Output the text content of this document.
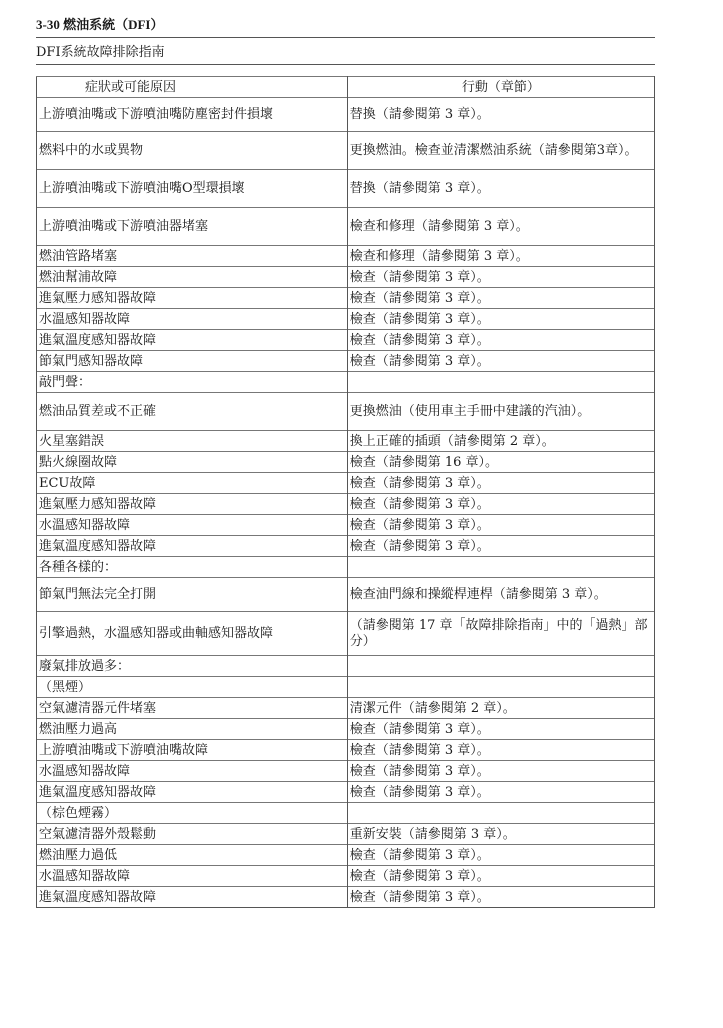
3-30 燃油系統（DFI）
DFI系統故障排除指南
症狀或可能原因	行動（章節）
上游噴油嘴或下游噴油嘴防塵密封件損壞	替換（請參閱第 3 章）。
燃料中的水或異物	更換燃油。檢查並清潔燃油系統（請參閱第3章）。
上游噴油嘴或下游噴油嘴O型環損壞	替換（請參閱第 3 章）。
上游噴油嘴或下游噴油器堵塞	檢查和修理（請參閱第 3 章）。
燃油管路堵塞	檢查和修理（請參閱第 3 章）。
燃油幫浦故障	檢查（請參閱第 3 章）。
進氣壓力感知器故障	檢查（請參閱第 3 章）。
水溫感知器故障	檢查（請參閱第 3 章）。
進氣溫度感知器故障	檢查（請參閱第 3 章）。
節氣門感知器故障	檢查（請參閱第 3 章）。
敲門聲：	
燃油品質差或不正確	更換燃油（使用車主手冊中建議的汽油）。
火星塞錯誤	換上正確的插頭（請參閱第 2 章）。
點火線圈故障	檢查（請參閱第 16 章）。
ECU故障	檢查（請參閱第 3 章）。
進氣壓力感知器故障	檢查（請參閱第 3 章）。
水溫感知器故障	檢查（請參閱第 3 章）。
進氣溫度感知器故障	檢查（請參閱第 3 章）。
各種各樣的：	
節氣門無法完全打開	檢查油門線和操縱桿連桿（請參閱第 3 章）。
引擎過熱，水溫感知器或曲軸感知器故障	（請參閱第 17 章「故障排除指南」中的「過熱」部分）
廢氣排放過多：	
（黑煙）	
空氣濾清器元件堵塞	清潔元件（請參閱第 2 章）。
燃油壓力過高	檢查（請參閱第 3 章）。
上游噴油嘴或下游噴油嘴故障	檢查（請參閱第 3 章）。
水溫感知器故障	檢查（請參閱第 3 章）。
進氣溫度感知器故障	檢查（請參閱第 3 章）。
（棕色煙霧）	
空氣濾清器外殼鬆動	重新安裝（請參閱第 3 章）。
燃油壓力過低	檢查（請參閱第 3 章）。
水溫感知器故障	檢查（請參閱第 3 章）。
進氣溫度感知器故障	檢查（請參閱第 3 章）。
